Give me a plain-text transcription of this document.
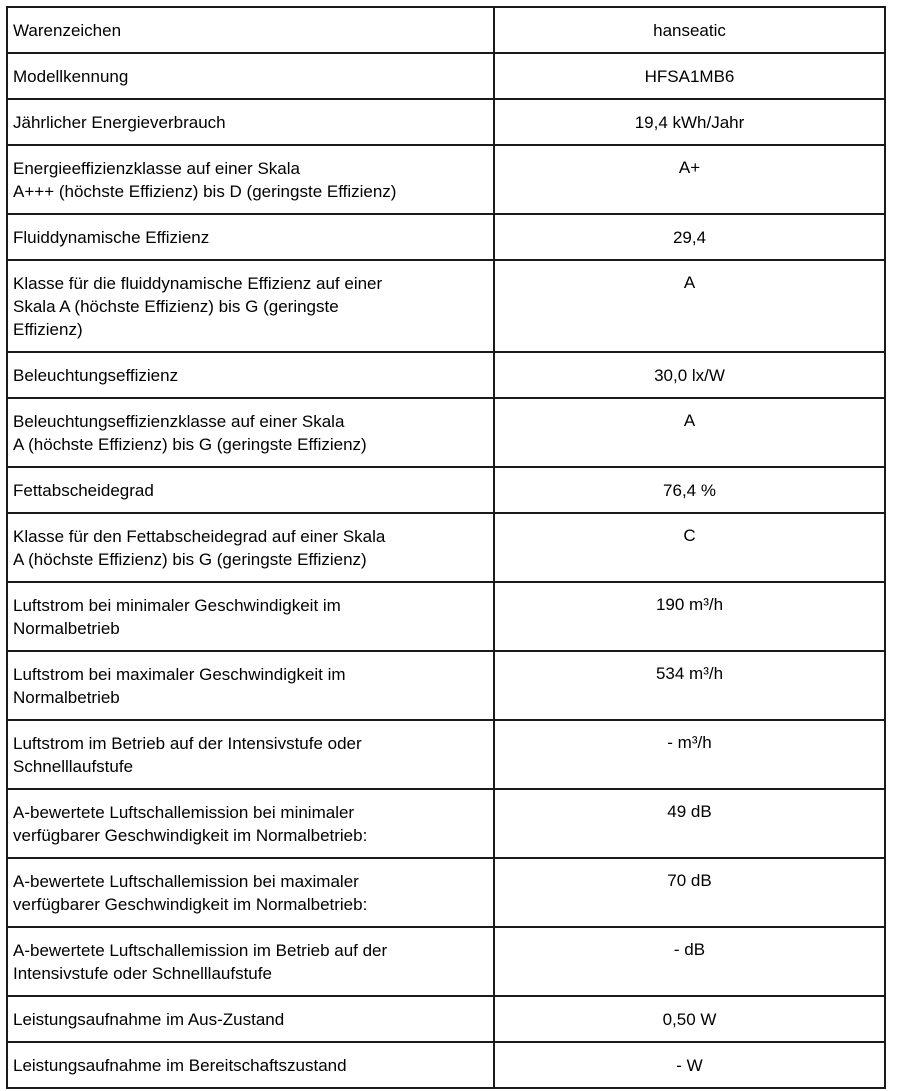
Warenzeichen	hanseatic
Modellkennung	HFSA1MB6
Jährlicher Energieverbrauch	19,4 kWh/Jahr
Energieeffizienzklasse auf einer Skala
A+++ (höchste Effizienz) bis D (geringste Effizienz)	A+
Fluiddynamische Effizienz	29,4
Klasse für die fluiddynamische Effizienz auf einer
Skala A (höchste Effizienz) bis G (geringste
Effizienz)	A
Beleuchtungseffizienz	30,0 lx/W
Beleuchtungseffizienzklasse auf einer Skala
A (höchste Effizienz) bis G (geringste Effizienz)	A
Fettabscheidegrad	76,4 %
Klasse für den Fettabscheidegrad auf einer Skala
A (höchste Effizienz) bis G (geringste Effizienz)	C
Luftstrom bei minimaler Geschwindigkeit im
Normalbetrieb	190 m³/h
Luftstrom bei maximaler Geschwindigkeit im
Normalbetrieb	534 m³/h
Luftstrom im Betrieb auf der Intensivstufe oder
Schnelllaufstufe	- m³/h
A-bewertete Luftschallemission bei minimaler
verfügbarer Geschwindigkeit im Normalbetrieb:	49 dB
A-bewertete Luftschallemission bei maximaler
verfügbarer Geschwindigkeit im Normalbetrieb:	70 dB
A-bewertete Luftschallemission im Betrieb auf der
Intensivstufe oder Schnelllaufstufe	- dB
Leistungsaufnahme im Aus-Zustand	0,50 W
Leistungsaufnahme im Bereitschaftszustand	- W
